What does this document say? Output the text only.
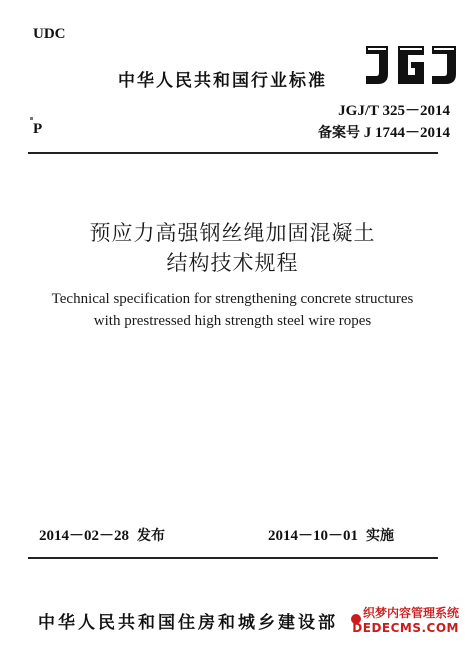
UDC
中华人民共和国行业标准
P
JGJ/T 325－2014
备案号 J 1744－2014
预应力高强钢丝绳加固混凝土
结构技术规程
Technical specification for strengthening concrete structures
with prestressed high strength steel wire ropes
2014－02－28 发布	2014－10－01 实施
中华人民共和国住房和城乡建设部	织梦内容管理系统
DEDECMS.COM
